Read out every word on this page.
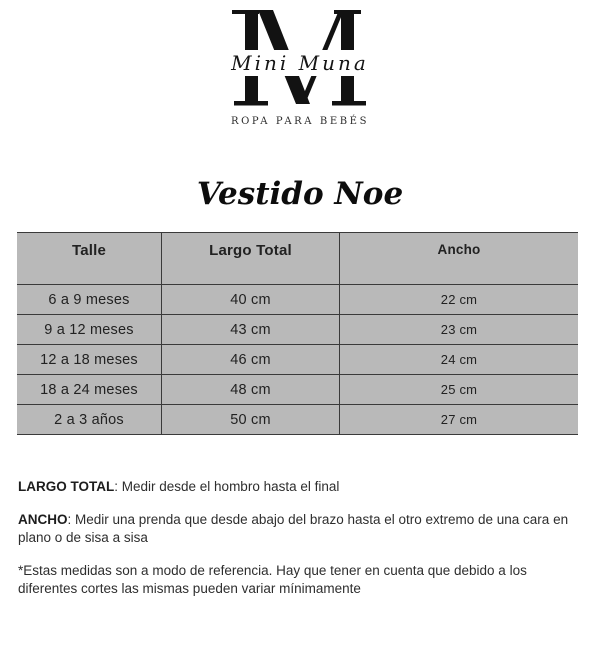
Mini Muna
ROPA PARA BEBÉS
Vestido Noe
Talle	Largo Total	Ancho
6 a 9 meses	40 cm	22 cm
9 a 12 meses	43 cm	23 cm
12 a 18 meses	46 cm	24 cm
18 a 24 meses	48 cm	25 cm
2 a 3 años	50 cm	27 cm

LARGO TOTAL: Medir desde el hombro hasta el final

ANCHO: Medir una prenda que desde abajo del brazo hasta el otro extremo de una cara en plano o de sisa a sisa

*Estas medidas son a modo de referencia. Hay que tener en cuenta que debido a los diferentes cortes las mismas pueden variar mínimamente
